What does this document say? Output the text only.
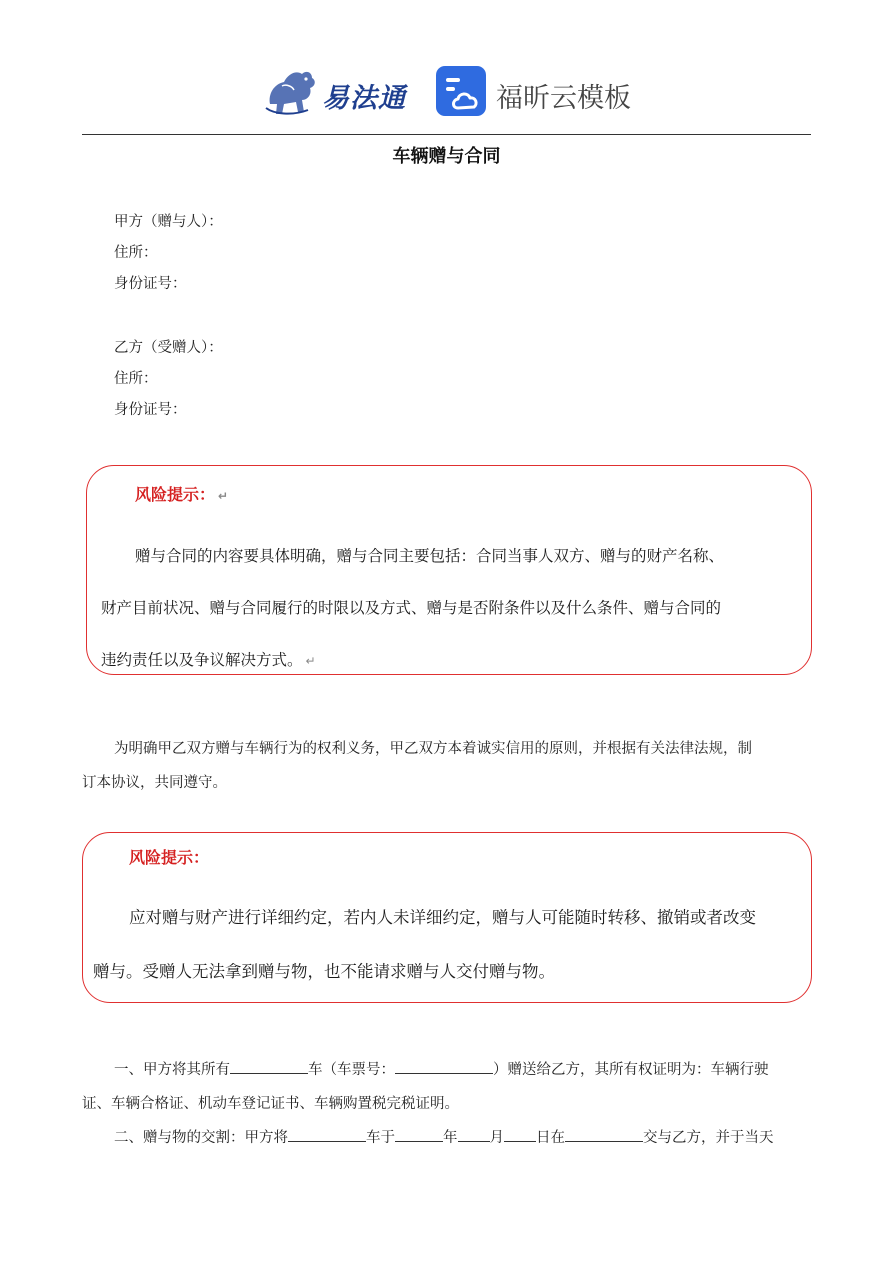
易法通	福昕云模板
车辆赠与合同
甲方（赠与人）：
住所：
身份证号：
乙方（受赠人）：
住所：
身份证号：
风险提示： ↵
赠与合同的内容要具体明确，赠与合同主要包括：合同当事人双方、赠与的财产名称、
财产目前状况、赠与合同履行的时限以及方式、赠与是否附条件以及什么条件、赠与合同的
违约责任以及争议解决方式。 ↵
为明确甲乙双方赠与车辆行为的权利义务，甲乙双方本着诚实信用的原则，并根据有关法律法规，制
订本协议，共同遵守。
风险提示：
应对赠与财产进行详细约定，若内人未详细约定，赠与人可能随时转移、撤销或者改变
赠与。受赠人无法拿到赠与物，也不能请求赠与人交付赠与物。
一、甲方将其所有	车（车票号：	）赠送给乙方，其所有权证明为：车辆行驶
证、车辆合格证、机动车登记证书、车辆购置税完税证明。
二、赠与物的交割：甲方将	车于	年 月 日在	交与乙方，并于当天
